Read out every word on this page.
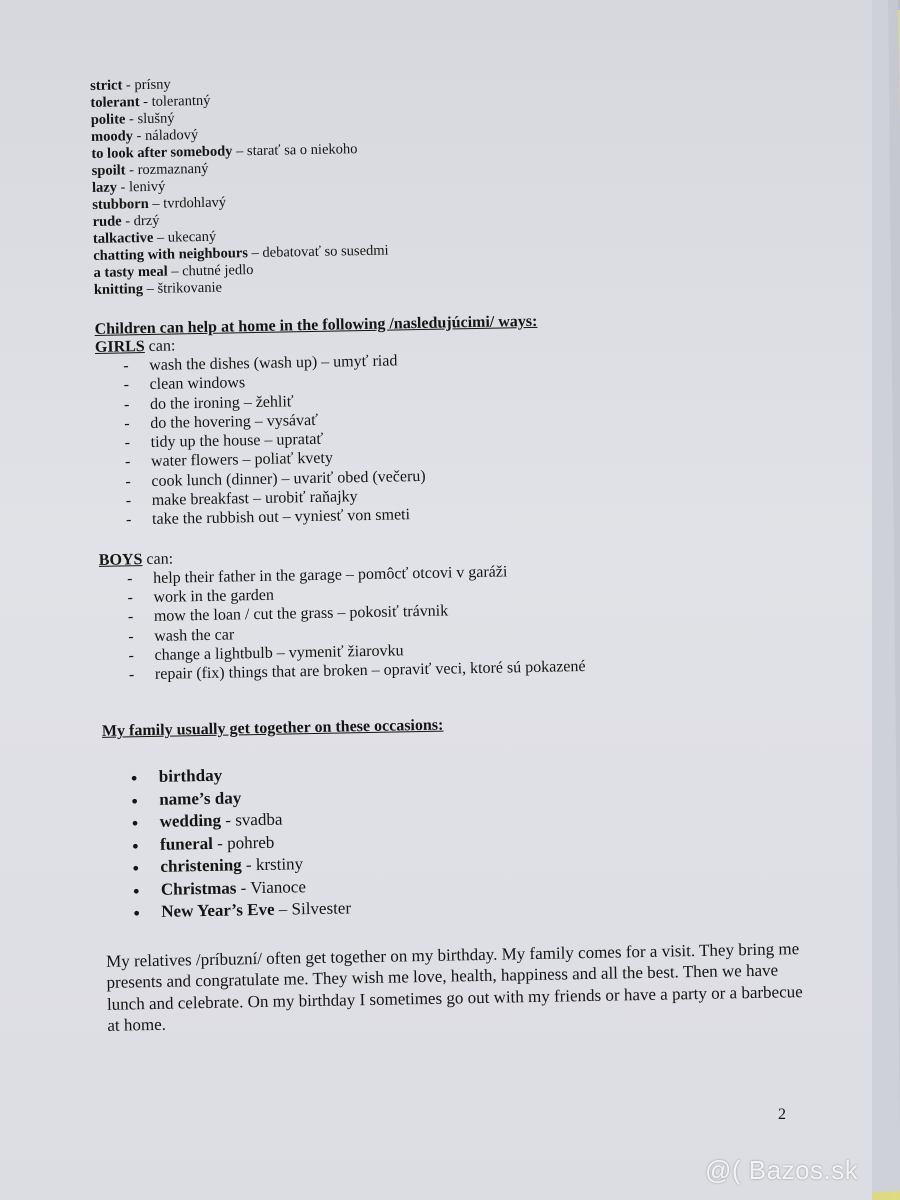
strict - prísny
tolerant - tolerantný
polite - slušný
moody - náladový
to look after somebody – starať sa o niekoho
spoilt - rozmaznaný
lazy - lenivý
stubborn – tvrdohlavý
rude - drzý
talkactive – ukecaný
chatting with neighbours – debatovať so susedmi
a tasty meal – chutné jedlo
knitting – štrikovanie
Children can help at home in the following /nasledujúcimi/ ways:
GIRLS can:
- wash the dishes (wash up) – umyť riad
- clean windows
- do the ironing – žehliť
- do the hovering – vysávať
- tidy up the house – upratať
- water flowers – poliať kvety
- cook lunch (dinner) – uvariť obed (večeru)
- make breakfast – urobiť raňajky
- take the rubbish out – vyniesť von smeti
BOYS can:
- help their father in the garage – pomôcť otcovi v garáži
- work in the garden
- mow the loan / cut the grass – pokosiť trávnik
- wash the car
- change a lightbulb – vymeniť žiarovku
- repair (fix) things that are broken – opraviť veci, ktoré sú pokazené
My family usually get together on these occasions:
● birthday
● name’s day
● wedding - svadba
● funeral - pohreb
● christening - krstiny
● Christmas - Vianoce
● New Year’s Eve – Silvester
My relatives /príbuzní/ often get together on my birthday. My family comes for a visit. They bring me presents and congratulate me. They wish me love, health, happiness and all the best. Then we have lunch and celebrate. On my birthday I sometimes go out with my friends or have a party or a barbecue at home.
2
@( Bazos.sk
